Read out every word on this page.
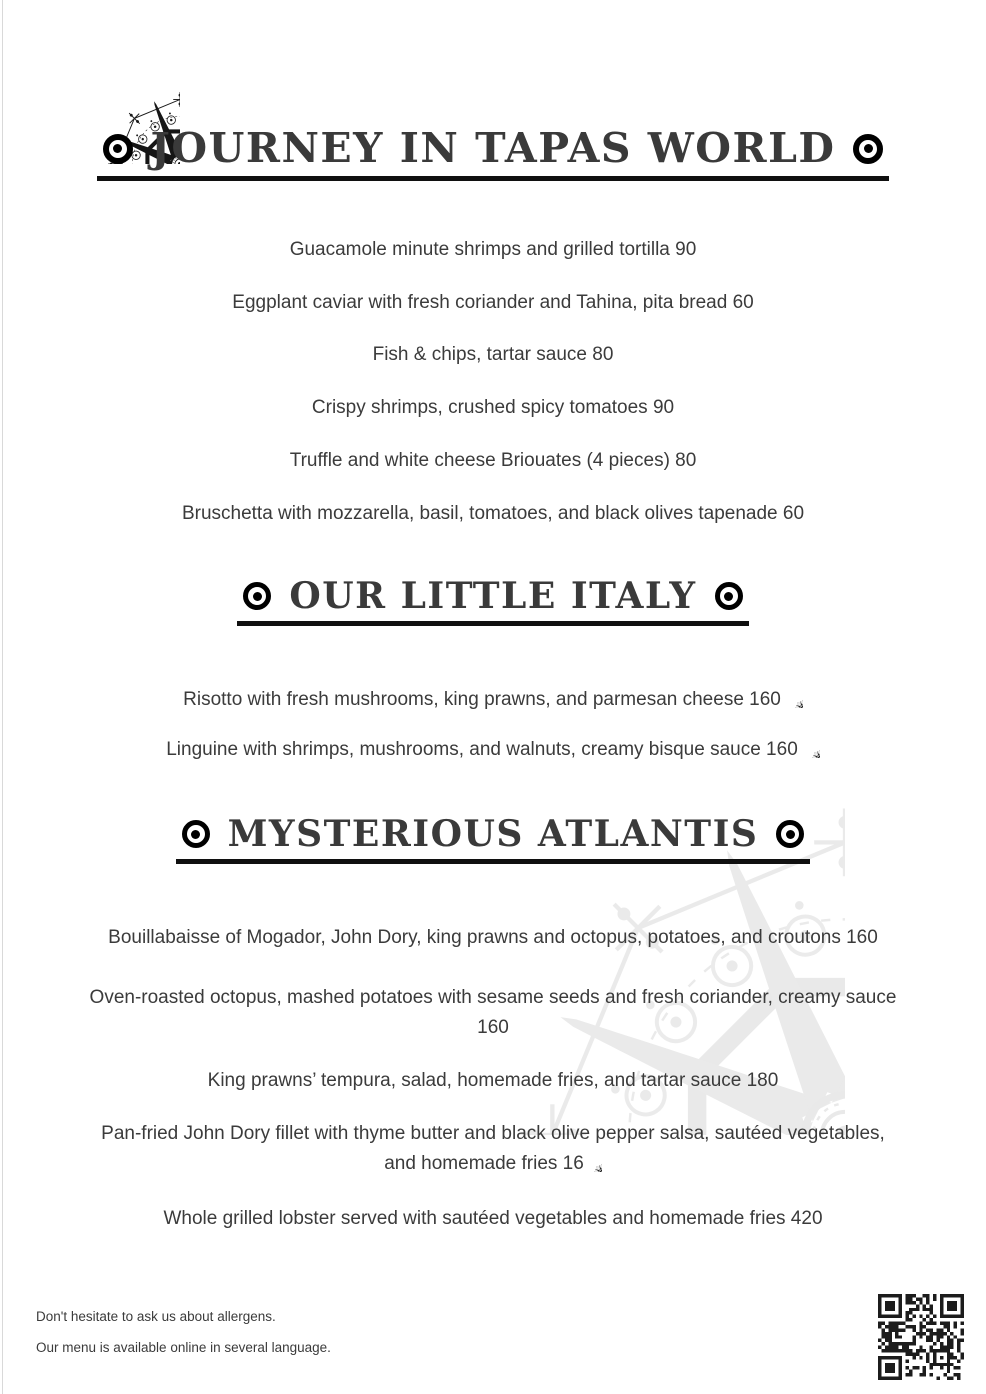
JOURNEY IN TAPAS WORLD
Guacamole minute shrimps and grilled tortilla 90
Eggplant caviar with fresh coriander and Tahina, pita bread 60
Fish & chips, tartar sauce 80
Crispy shrimps, crushed spicy tomatoes 90
Truffle and white cheese Briouates (4 pieces) 80
Bruschetta with mozzarella, basil, tomatoes, and black olives tapenade 60
OUR LITTLE ITALY
Risotto with fresh mushrooms, king prawns, and parmesan cheese 160
Linguine with shrimps, mushrooms, and walnuts, creamy bisque sauce 160
MYSTERIOUS ATLANTIS
Bouillabaisse of Mogador, John Dory, king prawns and octopus, potatoes, and croutons 160
Oven-roasted octopus, mashed potatoes with sesame seeds and fresh coriander, creamy sauce
160
King prawns’ tempura, salad, homemade fries, and tartar sauce 180
Pan-fried John Dory fillet with thyme butter and black olive pepper salsa, sautéed vegetables,
and homemade fries 16
Whole grilled lobster served with sautéed vegetables and homemade fries 420
Don't hesitate to ask us about allergens.
Our menu is available online in several language.
